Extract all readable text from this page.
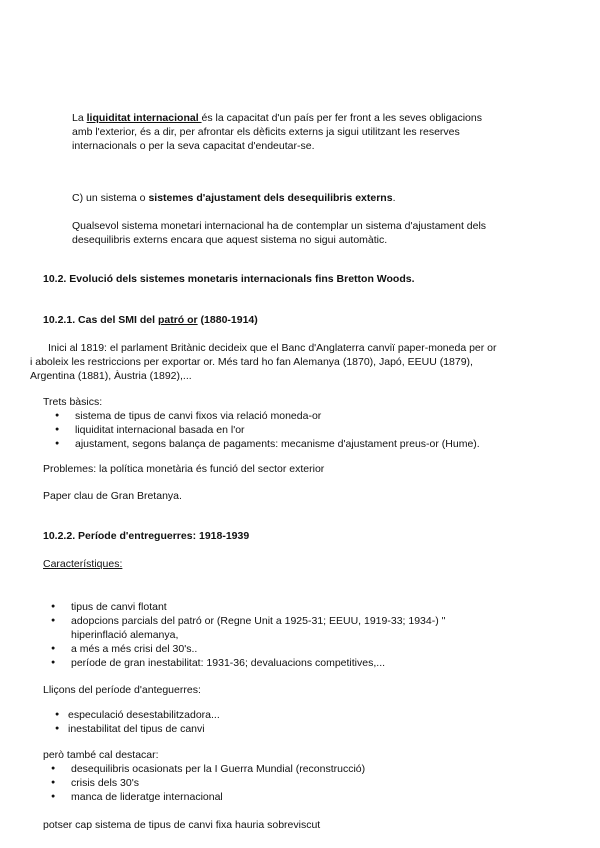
La liquiditat internacional és la capacitat d'un país per fer front a les seves obligacions

amb l'exterior, és a dir, per afrontar els dèficits externs ja sigui utilitzant les reserves

internacionals o per la seva capacitat d'endeutar-se.

C) un sistema o sistemes d'ajustament dels desequilibris externs.

Qualsevol sistema monetari internacional ha de contemplar un sistema d'ajustament dels

desequilibris externs encara que aquest sistema no sigui automàtic.

10.2. Evolució dels sistemes monetaris internacionals fins Bretton Woods.

10.2.1. Cas del SMI del patró or (1880-1914)

Inici al 1819: el parlament Britànic decideix que el Banc d'Anglaterra canviï paper-moneda per or

i aboleix les restriccions per exportar or. Més tard ho fan Alemanya (1870), Japó, EEUU (1879),

Argentina (1881), Àustria (1892),...

Trets bàsics:

● sistema de tipus de canvi fixos via relació moneda-or
● liquiditat internacional basada en l'or
● ajustament, segons balança de pagaments: mecanisme d'ajustament preus-or (Hume).

Problemes: la política monetària és funció del sector exterior

Paper clau de Gran Bretanya.

10.2.2. Període d'entreguerres: 1918-1939

Característiques:

● tipus de canvi flotant
● adopcions parcials del patró or (Regne Unit a 1925-31; EEUU, 1919-33; 1934-) "
hiperinflació alemanya,
● a més a més crisi del 30's..
● període de gran inestabilitat: 1931-36; devaluacions competitives,...

Lliçons del període d'anteguerres:

● especulació desestabilitzadora...
● inestabilitat del tipus de canvi

però també cal destacar:

● desequilibris ocasionats per la I Guerra Mundial (reconstrucció)
● crisis dels 30's
● manca de lideratge internacional

potser cap sistema de tipus de canvi fixa hauria sobreviscut
